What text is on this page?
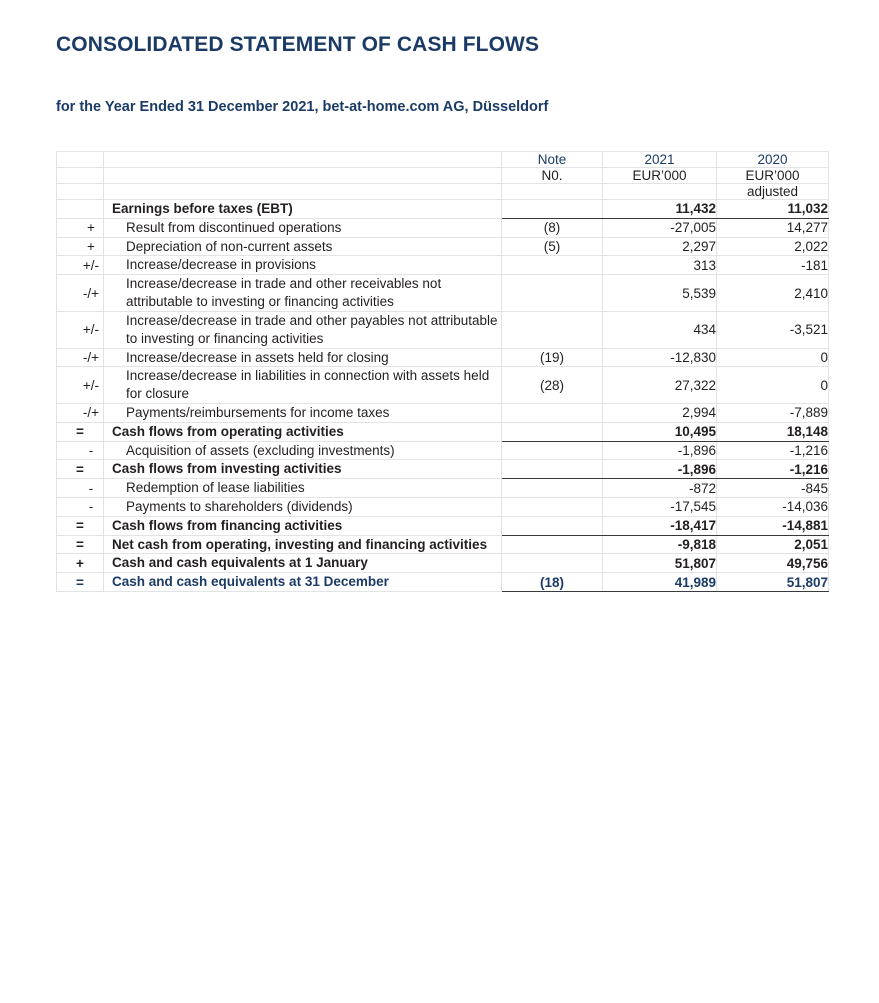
CONSOLIDATED STATEMENT OF CASH FLOWS
for the Year Ended 31 December 2021, bet-at-home.com AG, Düsseldorf
		Note	2021	2020
		N0.	EUR’000	EUR’000
				adjusted
	Earnings before taxes (EBT)		11,432	11,032
+	Result from discontinued operations	(8)	-27,005	14,277
+	Depreciation of non-current assets	(5)	2,297	2,022
+/-	Increase/decrease in provisions		313	-181
-/+	Increase/decrease in trade and other receivables not attributable to investing or financing activities		5,539	2,410
+/-	Increase/decrease in trade and other payables not attributable to investing or financing activities		434	-3,521
-/+	Increase/decrease in assets held for closing	(19)	-12,830	0
+/-	Increase/decrease in liabilities in connection with assets held for closure	(28)	27,322	0
-/+	Payments/reimbursements for income taxes		2,994	-7,889
=	Cash flows from operating activities		10,495	18,148
-	Acquisition of assets (excluding investments)		-1,896	-1,216
=	Cash flows from investing activities		-1,896	-1,216
-	Redemption of lease liabilities		-872	-845
-	Payments to shareholders (dividends)		-17,545	-14,036
=	Cash flows from financing activities		-18,417	-14,881
=	Net cash from operating, investing and financing activities		-9,818	2,051
+	Cash and cash equivalents at 1 January		51,807	49,756
=	Cash and cash equivalents at 31 December	(18)	41,989	51,807
